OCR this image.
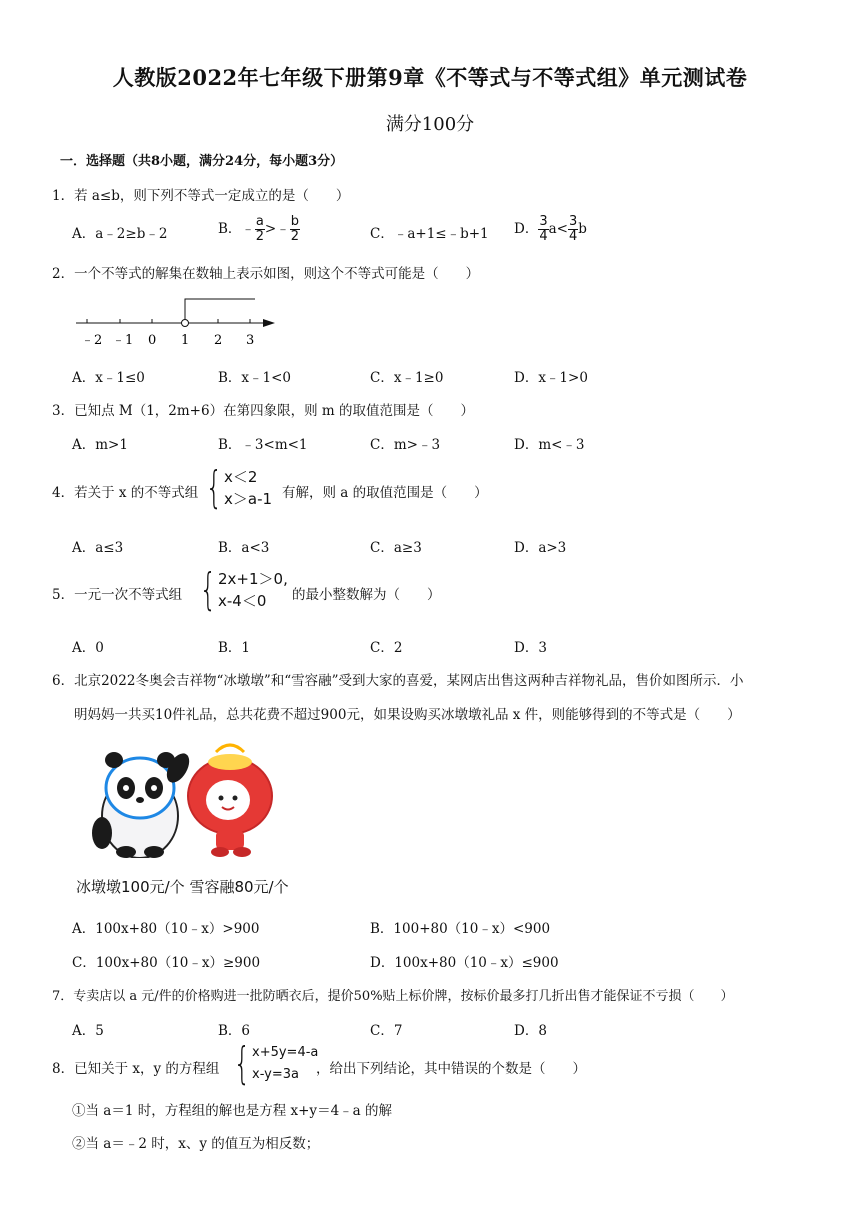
人教版2022年七年级下册第9章《不等式与不等式组》单元测试卷
满分100分
一．选择题（共8小题，满分24分，每小题3分）
1．若 a≤b，则下列不等式一定成立的是（　　）
A．a﹣2≥b﹣2	B．﹣ $\frac{a}{2}$ >﹣ $\frac{b}{2}$	C．﹣a+1≤﹣b+1 D． $\frac{3}{4} a< \frac{3}{4}$ b
2．一个不等式的解集在数轴上表示如图，则这个不等式可能是（　　）
﹣2 ﹣1 0 1 2 3
A．x﹣1≤0	B．x﹣1<0	C．x﹣1≥0	D．x﹣1>0
3．已知点 M（1，2m+6）在第四象限，则 m 的取值范围是（　　）
A．m>1	B．﹣3<m<1	C．m>﹣3	D．m<﹣3
4．若关于 x 的不等式组 { x＜2
x＞a-1 有解，则 a 的取值范围是（　　）
A．a≤3	B．a<3	C．a≥3	D．a>3
5．一元一次不等式组 { 2x+1＞0,
x-4＜0	的最小整数解为（　　）
A．0	B．1	C．2	D．3
6．北京2022冬奥会吉祥物“冰墩墩”和“雪容融”受到大家的喜爱，某网店出售这两种吉祥物礼品，售价如图所示．小
明妈妈一共买10件礼品，总共花费不超过900元，如果设购买冰墩墩礼品 x 件，则能够得到的不等式是（　　）
冰墩墩100元/个 雪容融80元/个
A．100x+80（10﹣x）>900	B．100+80（10﹣x）<900
C．100x+80（10﹣x）≥900	D．100x+80（10﹣x）≤900
7．专卖店以 a 元/件的价格购进一批防晒衣后，提价50%贴上标价牌，按标价最多打几折出售才能保证不亏损（　　）
A．5	B．6	C．7	D．8
8．已知关于 x，y 的方程组 { x+5y=4-a
x-y=3a	，给出下列结论，其中错误的个数是（　　）
①当 a＝1 时，方程组的解也是方程 x+y＝4﹣a 的解
②当 a＝﹣2 时，x、y 的值互为相反数；
